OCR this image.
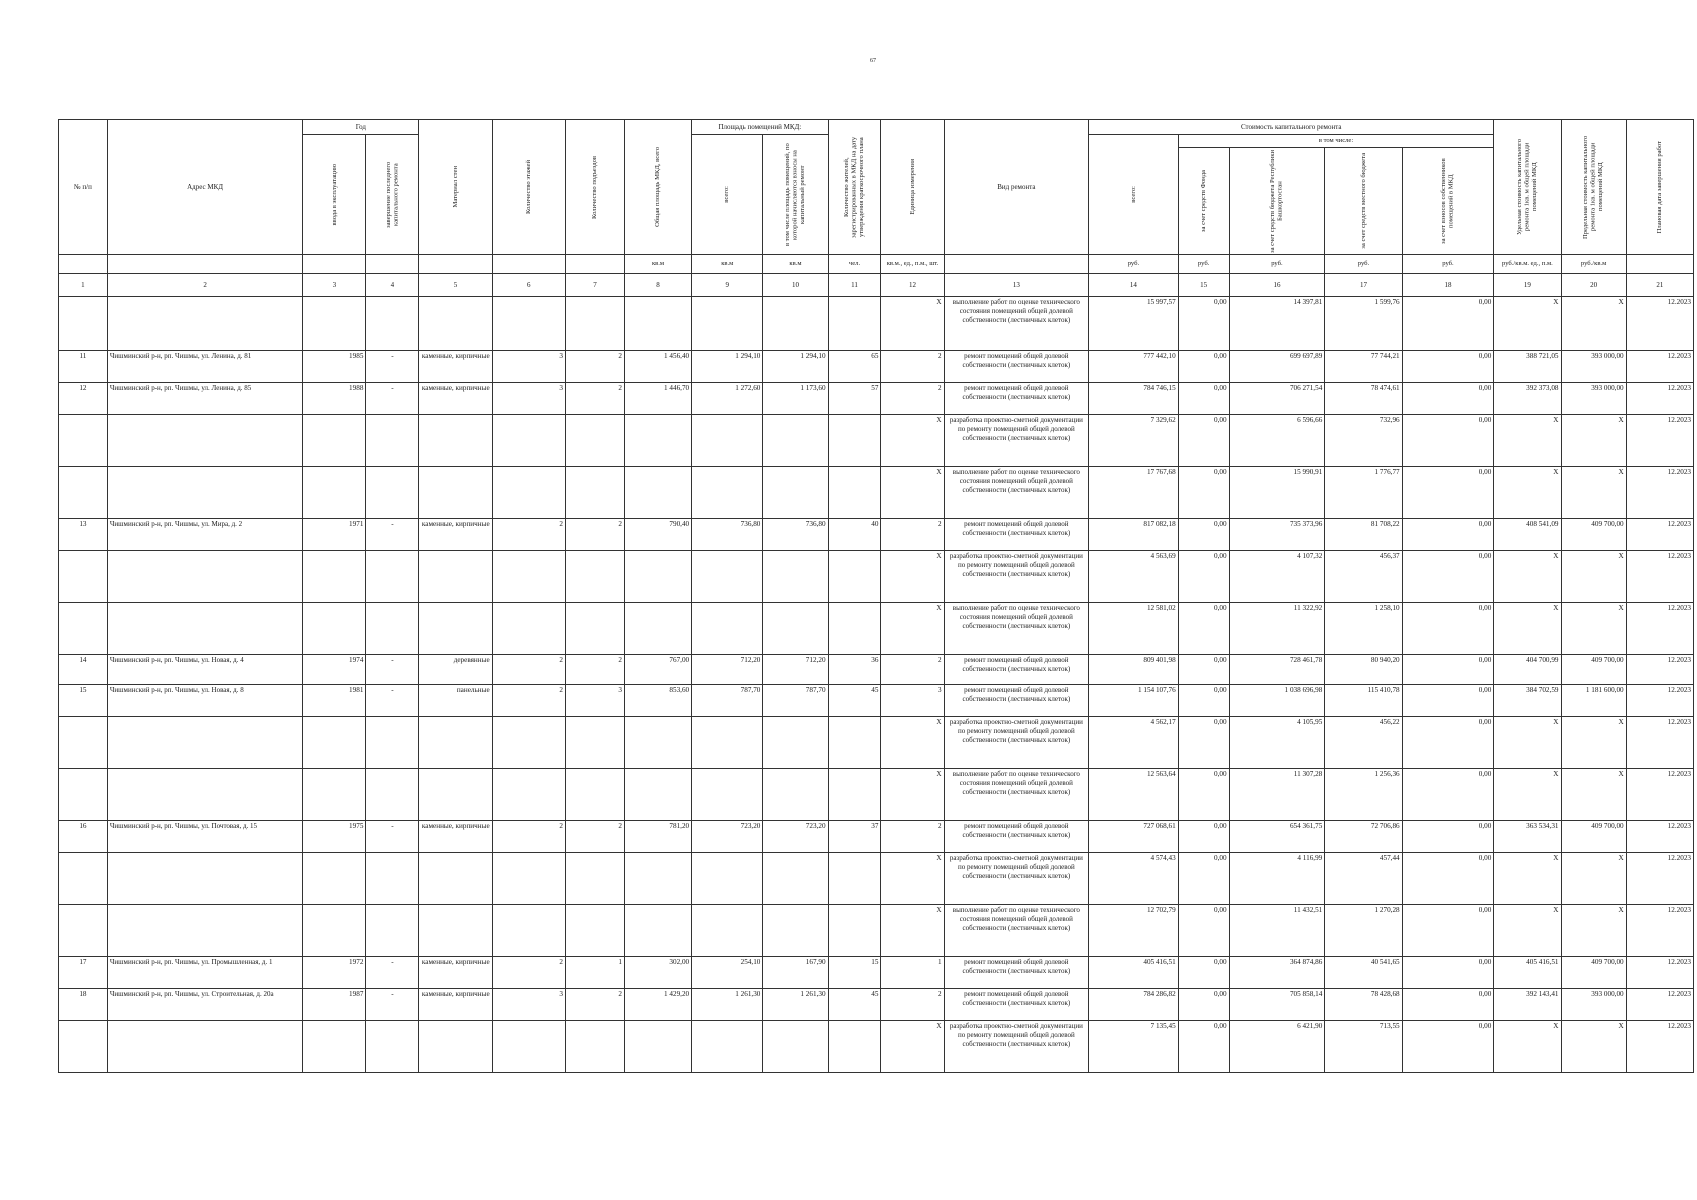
67
№ п/п	Адрес МКД	Год		Материал стен	Количество этажей	Количество подъездов	Общая площадь МКД, всего	Площадь помещений МКД:		Количество жителей, зарегистрированных в МКД на дату утверждения краткосрочного плана	Единица измерения	Вид ремонта	Стоимость капитального ремонта					Удельная стоимость капитального ремонта 1кв. м общей площади помещений МКД	Предельная стоимость капитального ремонта 1кв. м общей площади помещений МКД	Плановая дата завершения работ

		ввода в эксплуатацию	завершение последнего капитального ремонта					всего:	в том числе площадь помещений, по которой начисляются взносы на капитальный ремонт				всего:	в том числе:						

														за счет средств Фонда	за счет средств бюджета Республики Башкортостан	за счет средств местного бюджета	за счет взносов собственников помещений в МКД			

							кв.м	кв.м	кв.м	чел.	кв.м., ед., п.м., шт.		руб.	руб.	руб.	руб.	руб.	руб./кв.м. ед., п.м.	руб./кв.м	
1	2	3	4	5	6	7	8	9	10	11	12	13	14	15	16	17	18	19	20	21
											X	выполнение работ по оценке технического состояния помещений общей долевой собственности (лестничных клеток)	15 997,57	0,00	14 397,81	1 599,76	0,00	X	X	12.2023
11	Чишминский р-н, рп. Чишмы, ул. Ленина, д. 81	1985	-	каменные, кирпичные	3	2	1 456,40	1 294,10	1 294,10	65	2	ремонт помещений общей долевой собственности (лестничных клеток)	777 442,10	0,00	699 697,89	77 744,21	0,00	388 721,05	393 000,00	12.2023
12	Чишминский р-н, рп. Чишмы, ул. Ленина, д. 85	1988	-	каменные, кирпичные	3	2	1 446,70	1 272,60	1 173,60	57	2	ремонт помещений общей долевой собственности (лестничных клеток)	784 746,15	0,00	706 271,54	78 474,61	0,00	392 373,08	393 000,00	12.2023
											X	разработка проектно-сметной документации по ремонту помещений общей долевой собственности (лестничных клеток)	7 329,62	0,00	6 596,66	732,96	0,00	X	X	12.2023
											X	выполнение работ по оценке технического состояния помещений общей долевой собственности (лестничных клеток)	17 767,68	0,00	15 990,91	1 776,77	0,00	X	X	12.2023
13	Чишминский р-н, рп. Чишмы, ул. Мира, д. 2	1971	-	каменные, кирпичные	2	2	790,40	736,80	736,80	40	2	ремонт помещений общей долевой собственности (лестничных клеток)	817 082,18	0,00	735 373,96	81 708,22	0,00	408 541,09	409 700,00	12.2023
											X	разработка проектно-сметной документации по ремонту помещений общей долевой собственности (лестничных клеток)	4 563,69	0,00	4 107,32	456,37	0,00	X	X	12.2023
											X	выполнение работ по оценке технического состояния помещений общей долевой собственности (лестничных клеток)	12 581,02	0,00	11 322,92	1 258,10	0,00	X	X	12.2023
14	Чишминский р-н, рп. Чишмы, ул. Новая, д. 4	1974	-	деревянные	2	2	767,00	712,20	712,20	36	2	ремонт помещений общей долевой собственности (лестничных клеток)	809 401,98	0,00	728 461,78	80 940,20	0,00	404 700,99	409 700,00	12.2023
15	Чишминский р-н, рп. Чишмы, ул. Новая, д. 8	1981	-	панельные	2	3	853,60	787,70	787,70	45	3	ремонт помещений общей долевой собственности (лестничных клеток)	1 154 107,76	0,00	1 038 696,98	115 410,78	0,00	384 702,59	1 181 600,00	12.2023
											X	разработка проектно-сметной документации по ремонту помещений общей долевой собственности (лестничных клеток)	4 562,17	0,00	4 105,95	456,22	0,00	X	X	12.2023
											X	выполнение работ по оценке технического состояния помещений общей долевой собственности (лестничных клеток)	12 563,64	0,00	11 307,28	1 256,36	0,00	X	X	12.2023
16	Чишминский р-н, рп. Чишмы, ул. Почтовая, д. 15	1975	-	каменные, кирпичные	2	2	781,20	723,20	723,20	37	2	ремонт помещений общей долевой собственности (лестничных клеток)	727 068,61	0,00	654 361,75	72 706,86	0,00	363 534,31	409 700,00	12.2023
											X	разработка проектно-сметной документации по ремонту помещений общей долевой собственности (лестничных клеток)	4 574,43	0,00	4 116,99	457,44	0,00	X	X	12.2023
											X	выполнение работ по оценке технического состояния помещений общей долевой собственности (лестничных клеток)	12 702,79	0,00	11 432,51	1 270,28	0,00	X	X	12.2023
17	Чишминский р-н, рп. Чишмы, ул. Промышленная, д. 1	1972	-	каменные, кирпичные	2	1	302,00	254,10	167,90	15	1	ремонт помещений общей долевой собственности (лестничных клеток)	405 416,51	0,00	364 874,86	40 541,65	0,00	405 416,51	409 700,00	12.2023
18	Чишминский р-н, рп. Чишмы, ул. Строительная, д. 20а	1987	-	каменные, кирпичные	3	2	1 429,20	1 261,30	1 261,30	45	2	ремонт помещений общей долевой собственности (лестничных клеток)	784 286,82	0,00	705 858,14	78 428,68	0,00	392 143,41	393 000,00	12.2023
											X	разработка проектно-сметной документации по ремонту помещений общей долевой собственности (лестничных клеток)	7 135,45	0,00	6 421,90	713,55	0,00	X	X	12.2023
